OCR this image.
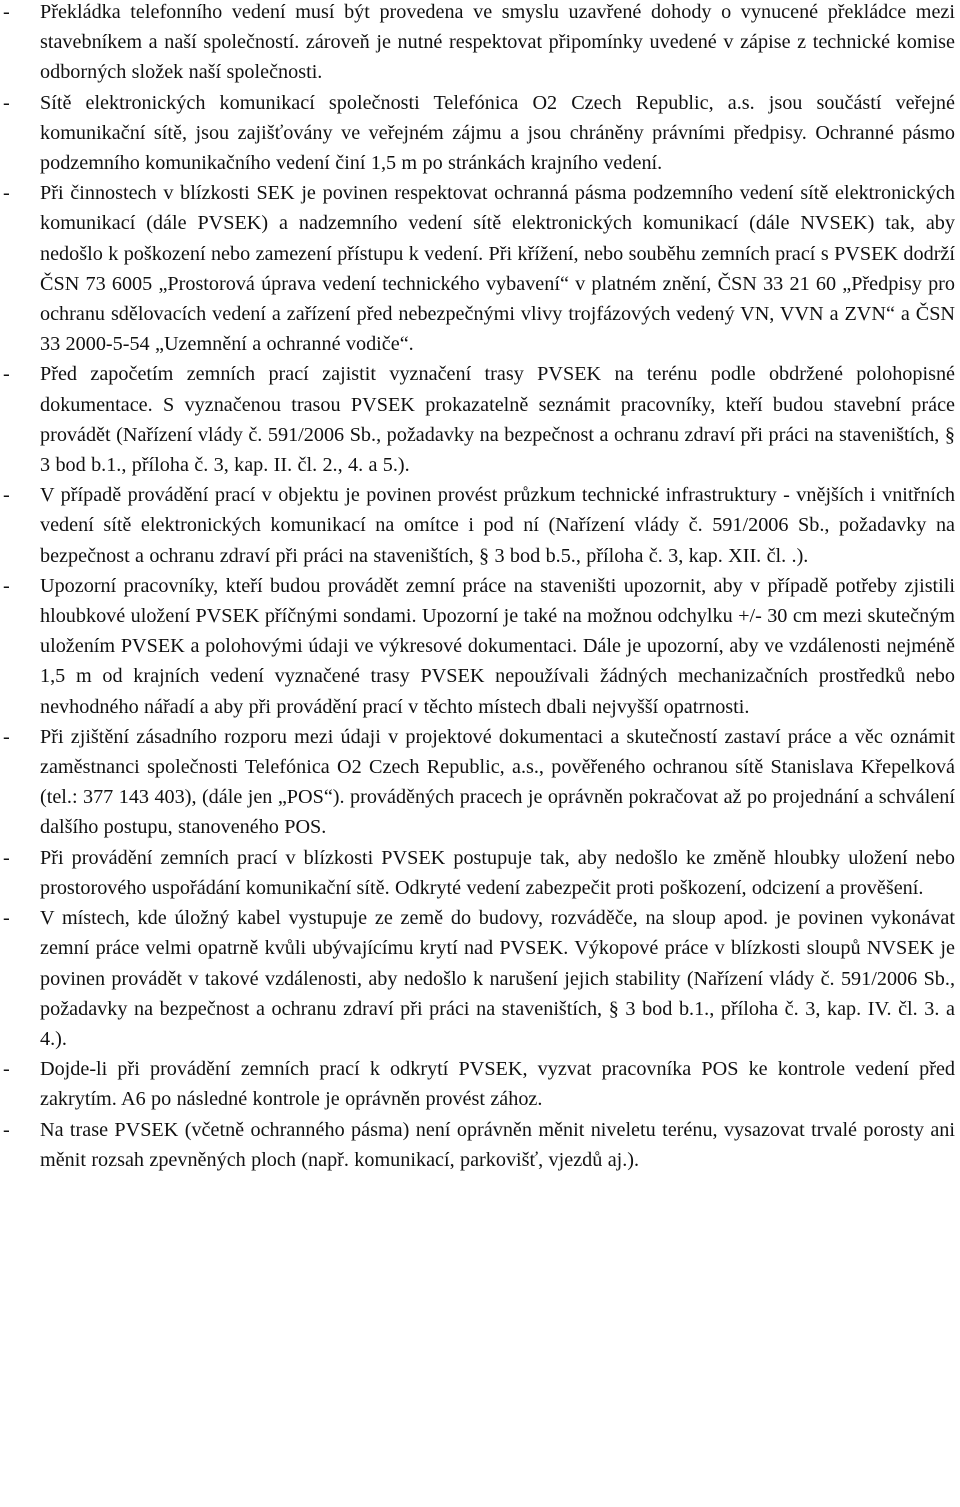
- Překládka telefonního vedení musí být provedena ve smyslu uzavřené dohody o vynucené překládce mezi stavebníkem a naší společností. zároveň je nutné respektovat připomínky uvedené v zápise z technické komise odborných složek naší společnosti.
- Sítě elektronických komunikací společnosti Telefónica O2 Czech Republic, a.s. jsou součástí veřejné komunikační sítě, jsou zajišťovány ve veřejném zájmu a jsou chráněny právními předpisy. Ochranné pásmo podzemního komunikačního vedení činí 1,5 m po stránkách krajního vedení.
- Při činnostech v blízkosti SEK je povinen respektovat ochranná pásma podzemního vedení sítě elektronických komunikací (dále PVSEK) a nadzemního vedení sítě elektronických komunikací (dále NVSEK) tak, aby nedošlo k poškození nebo zamezení přístupu k vedení. Při křížení, nebo souběhu zemních prací s PVSEK dodrží ČSN 73 6005 „Prostorová úprava vedení technického vybavení“ v platném znění, ČSN 33 21 60 „Předpisy pro ochranu sdělovacích vedení a zařízení před nebezpečnými vlivy trojfázových vedený VN, VVN a ZVN“ a ČSN 33 2000-5-54 „Uzemnění a ochranné vodiče“.
- Před započetím zemních prací zajistit vyznačení trasy PVSEK na terénu podle obdržené polohopisné dokumentace. S vyznačenou trasou PVSEK prokazatelně seznámit pracovníky, kteří budou stavební práce provádět (Nařízení vlády č. 591/2006 Sb., požadavky na bezpečnost a ochranu zdraví při práci na staveništích, § 3 bod b.1., příloha č. 3, kap. II. čl. 2., 4. a 5.).
- V případě provádění prací v objektu je povinen provést průzkum technické infrastruktury - vnějších i vnitřních vedení sítě elektronických komunikací na omítce i pod ní (Nařízení vlády č. 591/2006 Sb., požadavky na bezpečnost a ochranu zdraví při práci na staveništích, § 3 bod b.5., příloha č. 3, kap. XII. čl. .).
- Upozorní pracovníky, kteří budou provádět zemní práce na staveništi upozornit, aby v případě potřeby zjistili hloubkové uložení PVSEK příčnými sondami. Upozorní je také na možnou odchylku +/- 30 cm mezi skutečným uložením PVSEK a polohovými údaji ve výkresové dokumentaci. Dále je upozorní, aby ve vzdálenosti nejméně 1,5 m od krajních vedení vyznačené trasy PVSEK nepoužívali žádných mechanizačních prostředků nebo nevhodného nářadí a aby při provádění prací v těchto místech dbali nejvyšší opatrnosti.
- Při zjištění zásadního rozporu mezi údaji v projektové dokumentaci a skutečností zastaví práce a věc oznámit zaměstnanci společnosti Telefónica O2 Czech Republic, a.s., pověřeného ochranou sítě Stanislava Křepelková (tel.: 377 143 403), (dále jen „POS“). prováděných pracech je oprávněn pokračovat až po projednání a schválení dalšího postupu, stanoveného POS.
- Při provádění zemních prací v blízkosti PVSEK postupuje tak, aby nedošlo ke změně hloubky uložení nebo prostorového uspořádání komunikační sítě. Odkryté vedení zabezpečit proti poškození, odcizení a prověšení.
- V místech, kde úložný kabel vystupuje ze země do budovy, rozváděče, na sloup apod. je povinen vykonávat zemní práce velmi opatrně kvůli ubývajícímu krytí nad PVSEK. Výkopové práce v blízkosti sloupů NVSEK je povinen provádět v takové vzdálenosti, aby nedošlo k narušení jejich stability (Nařízení vlády č. 591/2006 Sb., požadavky na bezpečnost a ochranu zdraví při práci na staveništích, § 3 bod b.1., příloha č. 3, kap. IV. čl. 3. a 4.).
- Dojde-li při provádění zemních prací k odkrytí PVSEK, vyzvat pracovníka POS ke kontrole vedení před zakrytím. A6 po následné kontrole je oprávněn provést zához.
- Na trase PVSEK (včetně ochranného pásma) není oprávněn měnit niveletu terénu, vysazovat trvalé porosty ani měnit rozsah zpevněných ploch (např. komunikací, parkovišť, vjezdů aj.).
